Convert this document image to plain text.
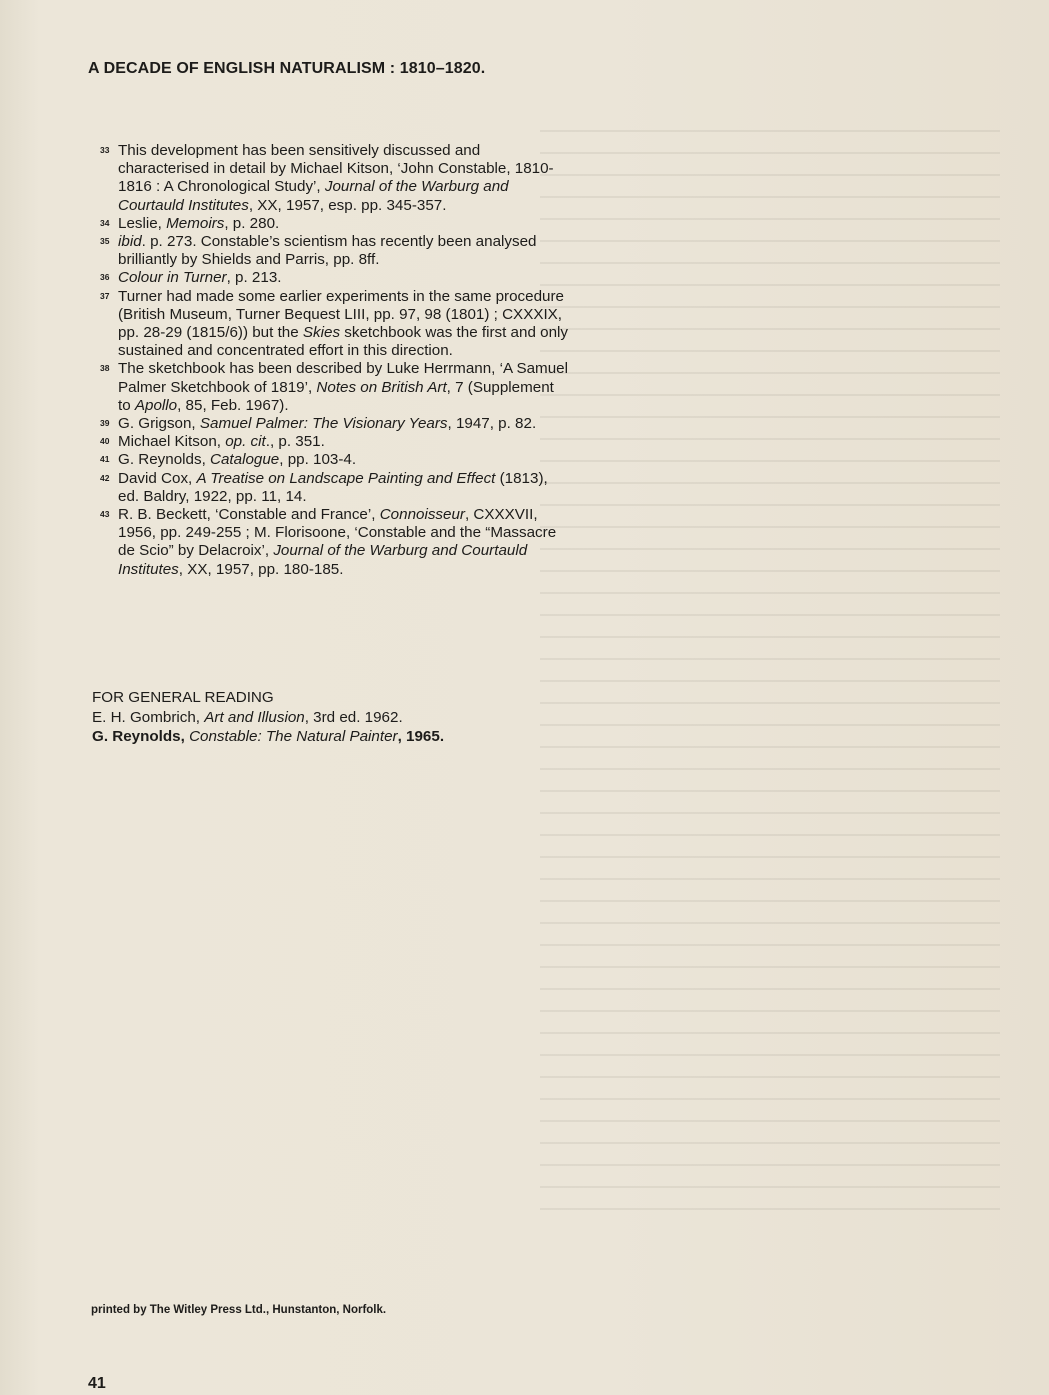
A DECADE OF ENGLISH NATURALISM : 1810–1820.
33 This development has been sensitively discussed and characterised in detail by Michael Kitson, ‘John Constable, 1810-1816 : A Chronological Study’, Journal of the Warburg and Courtauld Institutes, XX, 1957, esp. pp. 345-357.
34 Leslie, Memoirs, p. 280.
35 ibid. p. 273. Constable’s scientism has recently been analysed brilliantly by Shields and Parris, pp. 8ff.
36 Colour in Turner, p. 213.
37 Turner had made some earlier experiments in the same procedure (British Museum, Turner Bequest LIII, pp. 97, 98 (1801) ; CXXXIX, pp. 28-29 (1815/6)) but the Skies sketchbook was the first and only sustained and concentrated effort in this direction.
38 The sketchbook has been described by Luke Herrmann, ‘A Samuel Palmer Sketchbook of 1819’, Notes on British Art, 7 (Supplement to Apollo, 85, Feb. 1967).
39 G. Grigson, Samuel Palmer: The Visionary Years, 1947, p. 82.
40 Michael Kitson, op. cit., p. 351.
41 G. Reynolds, Catalogue, pp. 103-4.
42 David Cox, A Treatise on Landscape Painting and Effect (1813), ed. Baldry, 1922, pp. 11, 14.
43 R. B. Beckett, ‘Constable and France’, Connoisseur, CXXXVII, 1956, pp. 249-255 ; M. Florisoone, ‘Constable and the “Massacre de Scio” by Delacroix’, Journal of the Warburg and Courtauld Institutes, XX, 1957, pp. 180-185.

FOR GENERAL READING

E. H. Gombrich, Art and Illusion, 3rd ed. 1962.
G. Reynolds, Constable: The Natural Painter, 1965.
printed by The Witley Press Ltd., Hunstanton, Norfolk.
41
